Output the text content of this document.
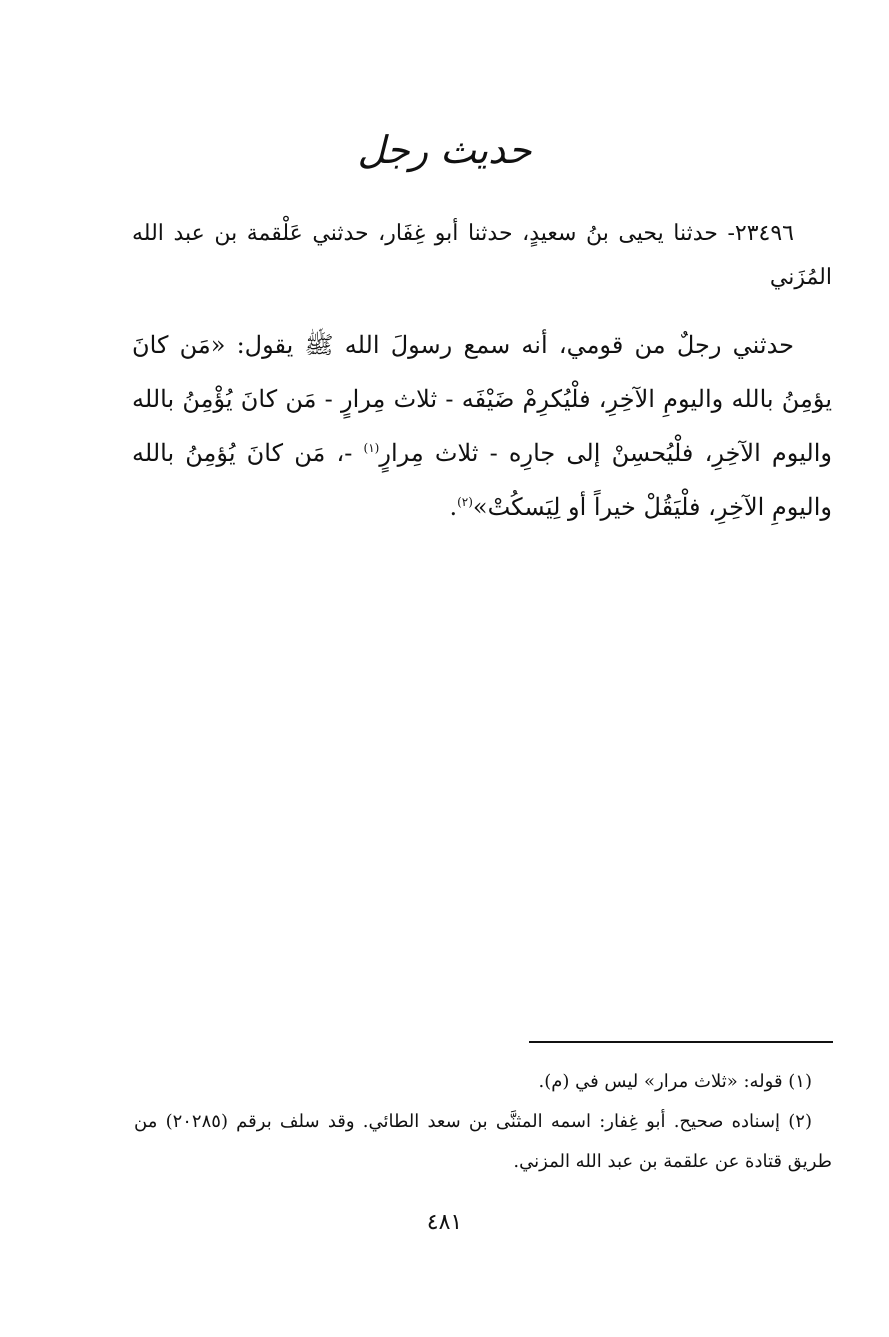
حديث رجل
٢٣٤٩٦- حدثنا يحيى بنُ سعيدٍ، حدثنا أبو غِفَار، حدثني عَلْقمة بن عبد الله المُزَني
حدثني رجلٌ من قومي، أنه سمع رسولَ الله ﷺ يقول: «مَن كانَ يؤمِنُ بالله واليومِ الآخِرِ، فلْيُكرِمْ ضَيْفَه - ثلاث مِرارٍ - مَن كانَ يُؤْمِنُ بالله واليوم الآخِرِ، فلْيُحسِنْ إلى جارِه - ثلاث مِرارٍ$^{(١)}$ -، مَن كانَ يُؤمِنُ بالله واليومِ الآخِرِ، فلْيَقُلْ خيراً أو لِيَسكُتْ»$^{(٢)}$.

(١) قوله: «ثلاث مرار» ليس في (م).

(٢) إسناده صحيح. أبو غِفار: اسمه المثنَّى بن سعد الطائي. وقد سلف برقم (٢٠٢٨٥) من طريق قتادة عن علقمة بن عبد الله المزني.

٤٨١
